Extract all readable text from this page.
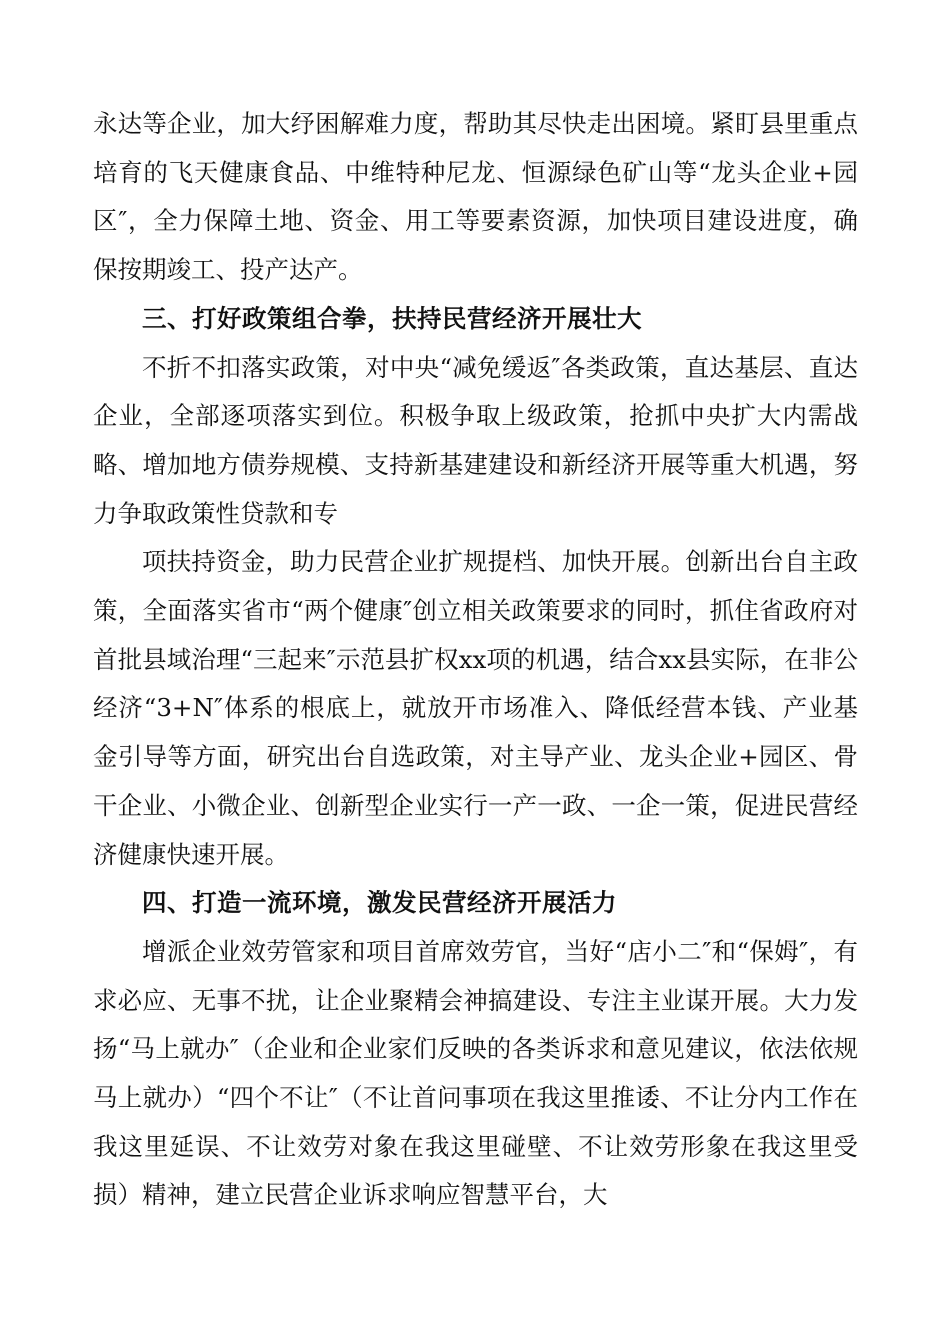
永达等企业，加大纾困解难力度，帮助其尽快走出困境。紧盯县里重点培育的飞天健康食品、中维特种尼龙、恒源绿色矿山等“龙头企业+园区″，全力保障土地、资金、用工等要素资源，加快项目建设进度，确保按期竣工、投产达产。

三、打好政策组合拳，扶持民营经济开展壮大

不折不扣落实政策，对中央“减免缓返″各类政策，直达基层、直达企业，全部逐项落实到位。积极争取上级政策，抢抓中央扩大内需战略、增加地方债券规模、支持新基建建设和新经济开展等重大机遇，努力争取政策性贷款和专

项扶持资金，助力民营企业扩规提档、加快开展。创新出台自主政策，全面落实省市“两个健康″创立相关政策要求的同时，抓住省政府对首批县域治理“三起来″示范县扩权xx项的机遇，结合xx县实际，在非公经济“3+N″体系的根底上，就放开市场准入、降低经营本钱、产业基金引导等方面，研究出台自选政策，对主导产业、龙头企业+园区、骨干企业、小微企业、创新型企业实行一产一政、一企一策，促进民营经济健康快速开展。

四、打造一流环境，激发民营经济开展活力

增派企业效劳管家和项目首席效劳官，当好“店小二″和“保姆″，有求必应、无事不扰，让企业聚精会神搞建设、专注主业谋开展。大力发扬“马上就办″（企业和企业家们反映的各类诉求和意见建议，依法依规马上就办）“四个不让″（不让首问事项在我这里推诿、不让分内工作在我这里延误、不让效劳对象在我这里碰壁、不让效劳形象在我这里受损）精神，建立民营企业诉求响应智慧平台，大
